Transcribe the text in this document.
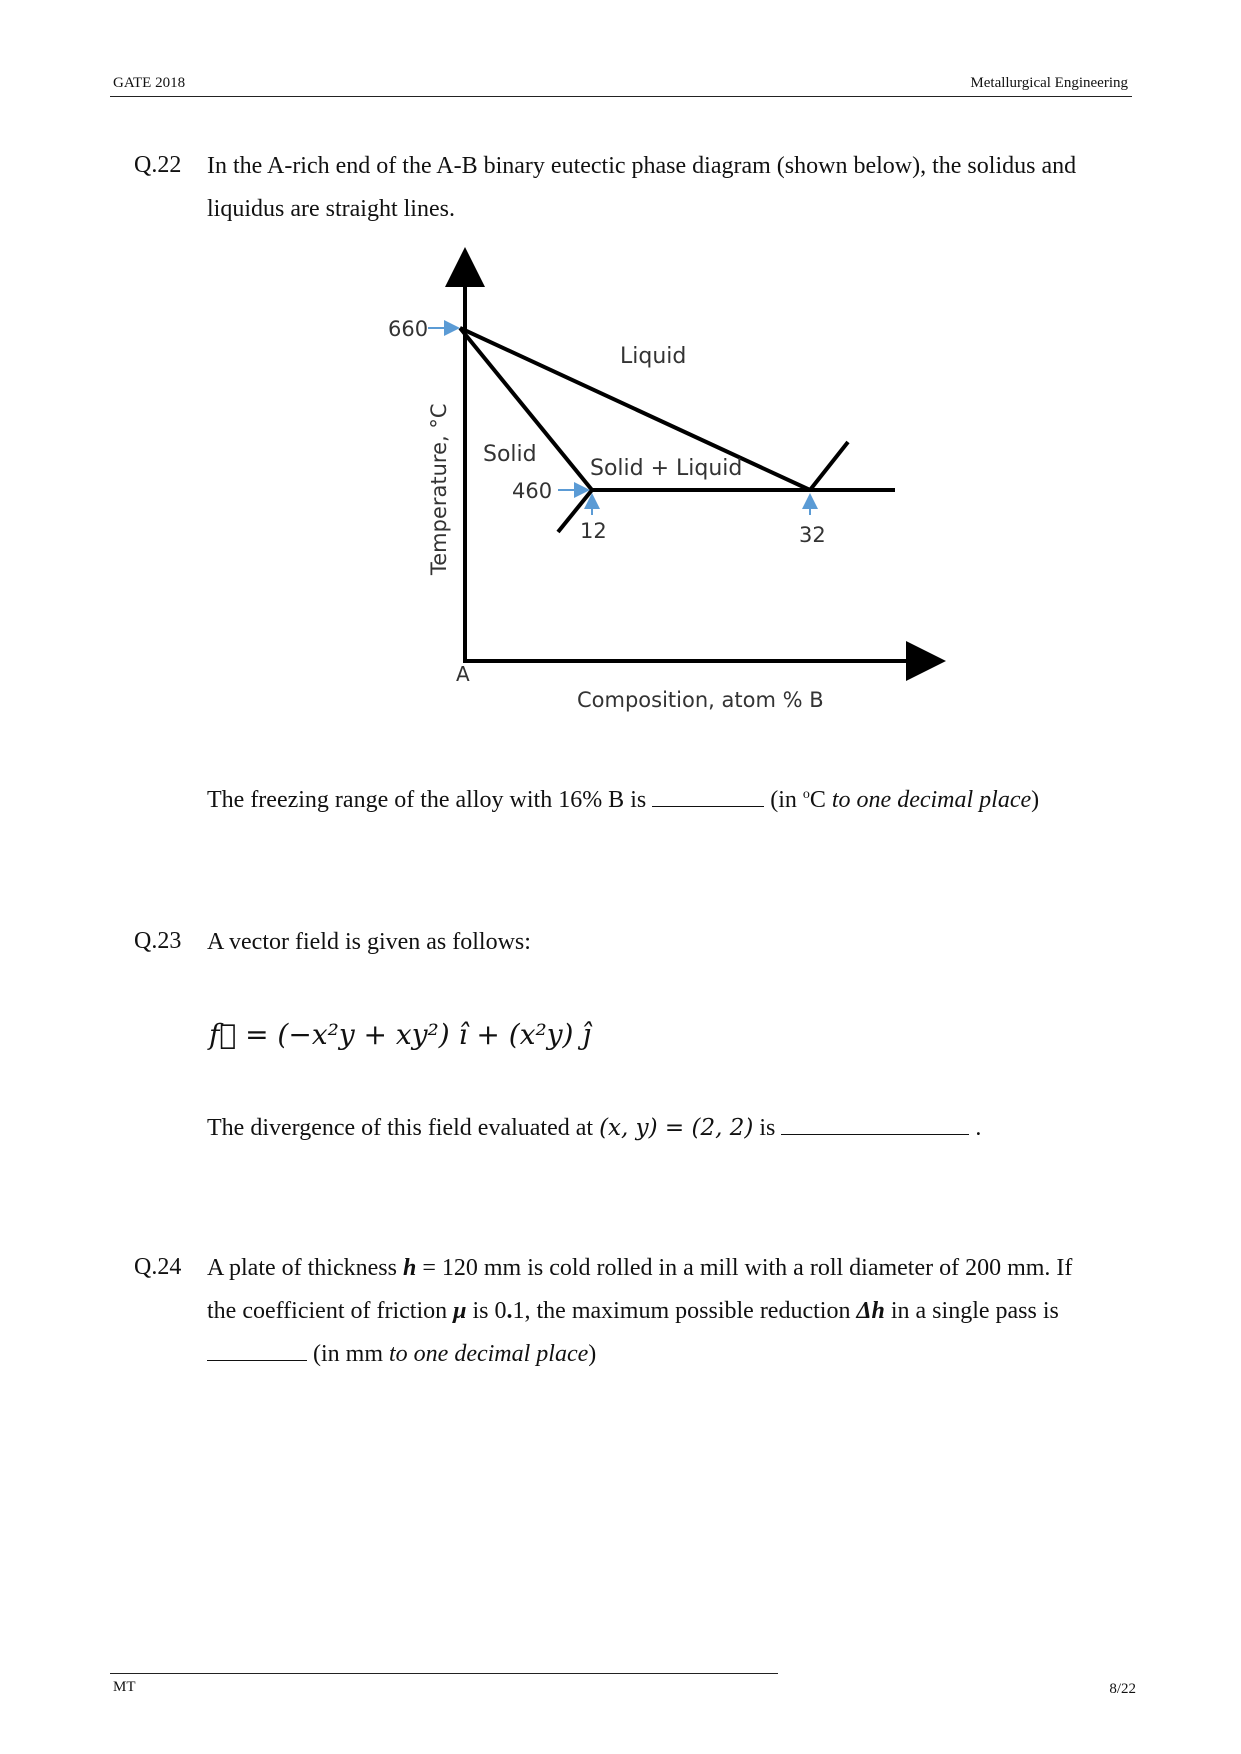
GATE 2018	Metallurgical Engineering
Q.22 In the A-rich end of the A-B binary eutectic phase diagram (shown below), the solidus and
liquidus are straight lines.
660
460
12	32
Liquid
Solid
Solid + Liquid
A
Composition, atom % B
Temperature, °C
The freezing range of the alloy with 16% B is	(in $^o$C to one decimal place)
Q.23 A vector field is given as follows:
f⃗ = (−x²y + xy²) î + (x²y) ĵ
The divergence of this field evaluated at (x, y) = (2, 2) is	.
Q.24 A plate of thickness h = 120 mm is cold rolled in a mill with a roll diameter of 200 mm. If
the coefficient of friction μ is 0.1, the maximum possible reduction Δh in a single pass is
(in mm to one decimal place)
MT	8/22
